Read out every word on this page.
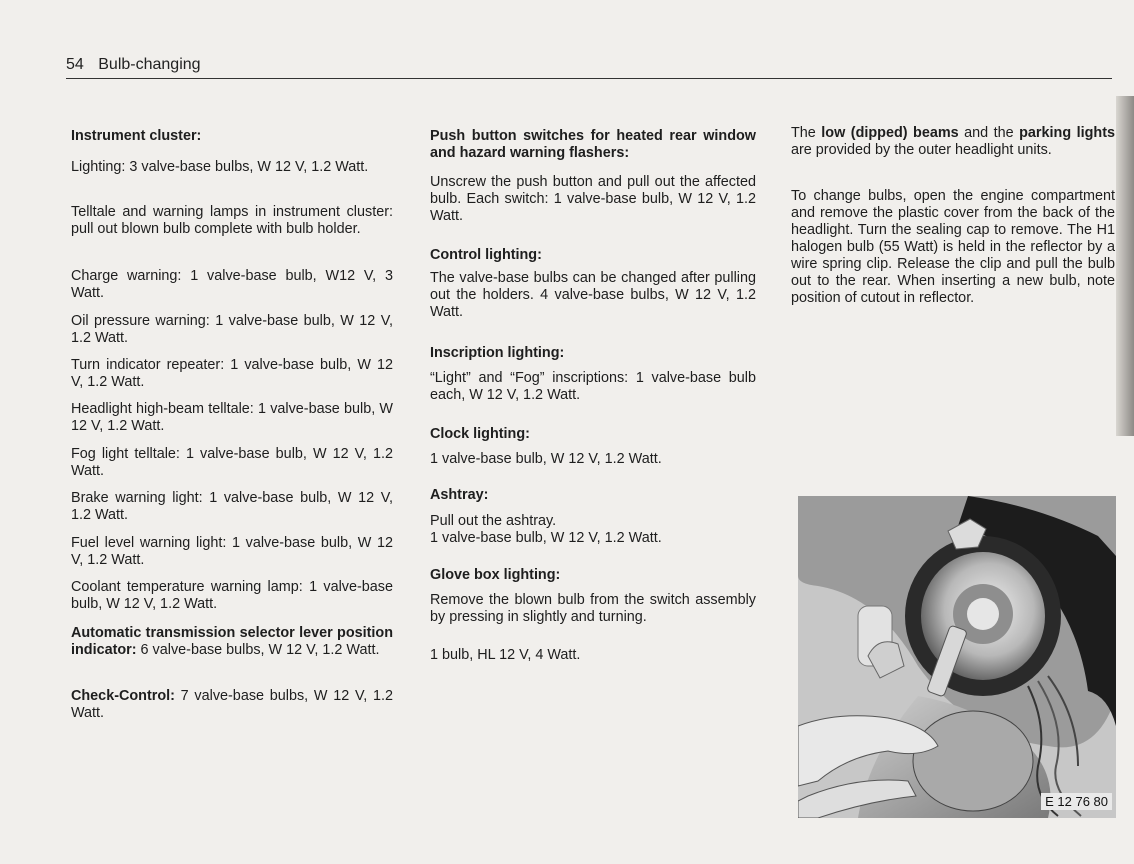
54 Bulb-changing

Instrument cluster:

Lighting: 3 valve-base bulbs, W 12 V, 1.2 Watt.

Telltale and warning lamps in instrument cluster: pull out blown bulb complete with bulb holder.

Charge warning: 1 valve-base bulb, W12 V, 3 Watt.

Oil pressure warning: 1 valve-base bulb, W 12 V, 1.2 Watt.

Turn indicator repeater: 1 valve-base bulb, W 12 V, 1.2 Watt.

Headlight high-beam telltale: 1 valve-base bulb, W 12 V, 1.2 Watt.

Fog light telltale: 1 valve-base bulb, W 12 V, 1.2 Watt.

Brake warning light: 1 valve-base bulb, W 12 V, 1.2 Watt.

Fuel level warning light: 1 valve-base bulb, W 12 V, 1.2 Watt.

Coolant temperature warning lamp: 1 valve-base bulb, W 12 V, 1.2 Watt.

Automatic transmission selector lever position indicator: 6 valve-base bulbs, W 12 V, 1.2 Watt.

Check-Control: 7 valve-base bulbs, W 12 V, 1.2 Watt.

Push button switches for heated rear window and hazard warning flashers:

Unscrew the push button and pull out the affected bulb. Each switch: 1 valve-base bulb, W 12 V, 1.2 Watt.

Control lighting:

The valve-base bulbs can be changed after pulling out the holders. 4 valve-base bulbs, W 12 V, 1.2 Watt.

Inscription lighting:

“Light” and “Fog” inscriptions: 1 valve-base bulb each, W 12 V, 1.2 Watt.

Clock lighting:

1 valve-base bulb, W 12 V, 1.2 Watt.

Ashtray:

Pull out the ashtray.

1 valve-base bulb, W 12 V, 1.2 Watt.

Glove box lighting:

Remove the blown bulb from the switch assembly by pressing in slightly and turning.

1 bulb, HL 12 V, 4 Watt.

The low (dipped) beams and the parking lights are provided by the outer headlight units.

To change bulbs, open the engine compartment and remove the plastic cover from the back of the headlight. Turn the sealing cap to remove. The H1 halogen bulb (55 Watt) is held in the reflector by a wire spring clip. Release the clip and pull the bulb out to the rear. When inserting a new bulb, note position of cutout in reflector.

E 12 76 80
